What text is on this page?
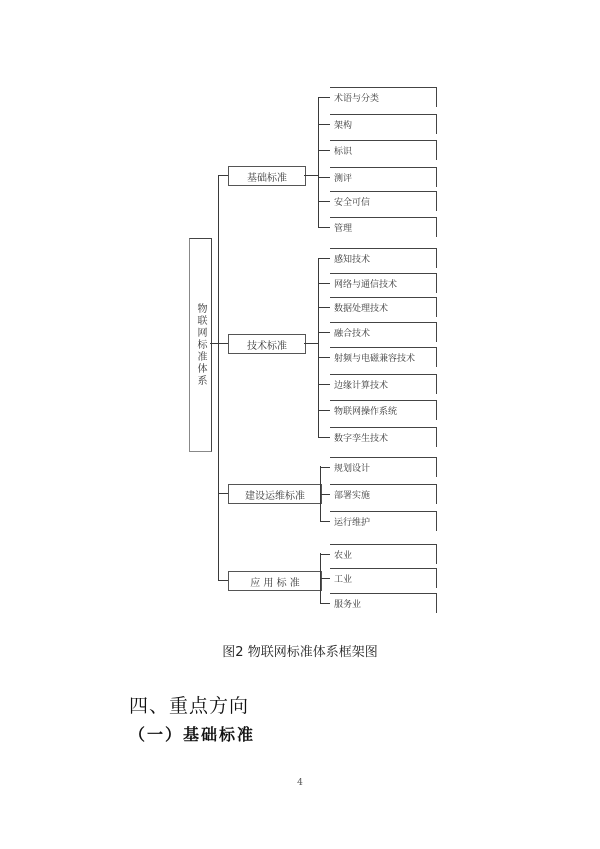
物联网标准体系
基础标准
技术标准
建设运维标准
应 用 标 准
术语与分类
架构
标识
测评
安全可信
管理
感知技术
网络与通信技术
数据处理技术
融合技术
射频与电磁兼容技术
边缘计算技术
物联网操作系统
数字孪生技术
规划设计
部署实施
运行维护
农业
工业
服务业
图2 物联网标准体系框架图
四、重点方向
（一）基础标准
4
